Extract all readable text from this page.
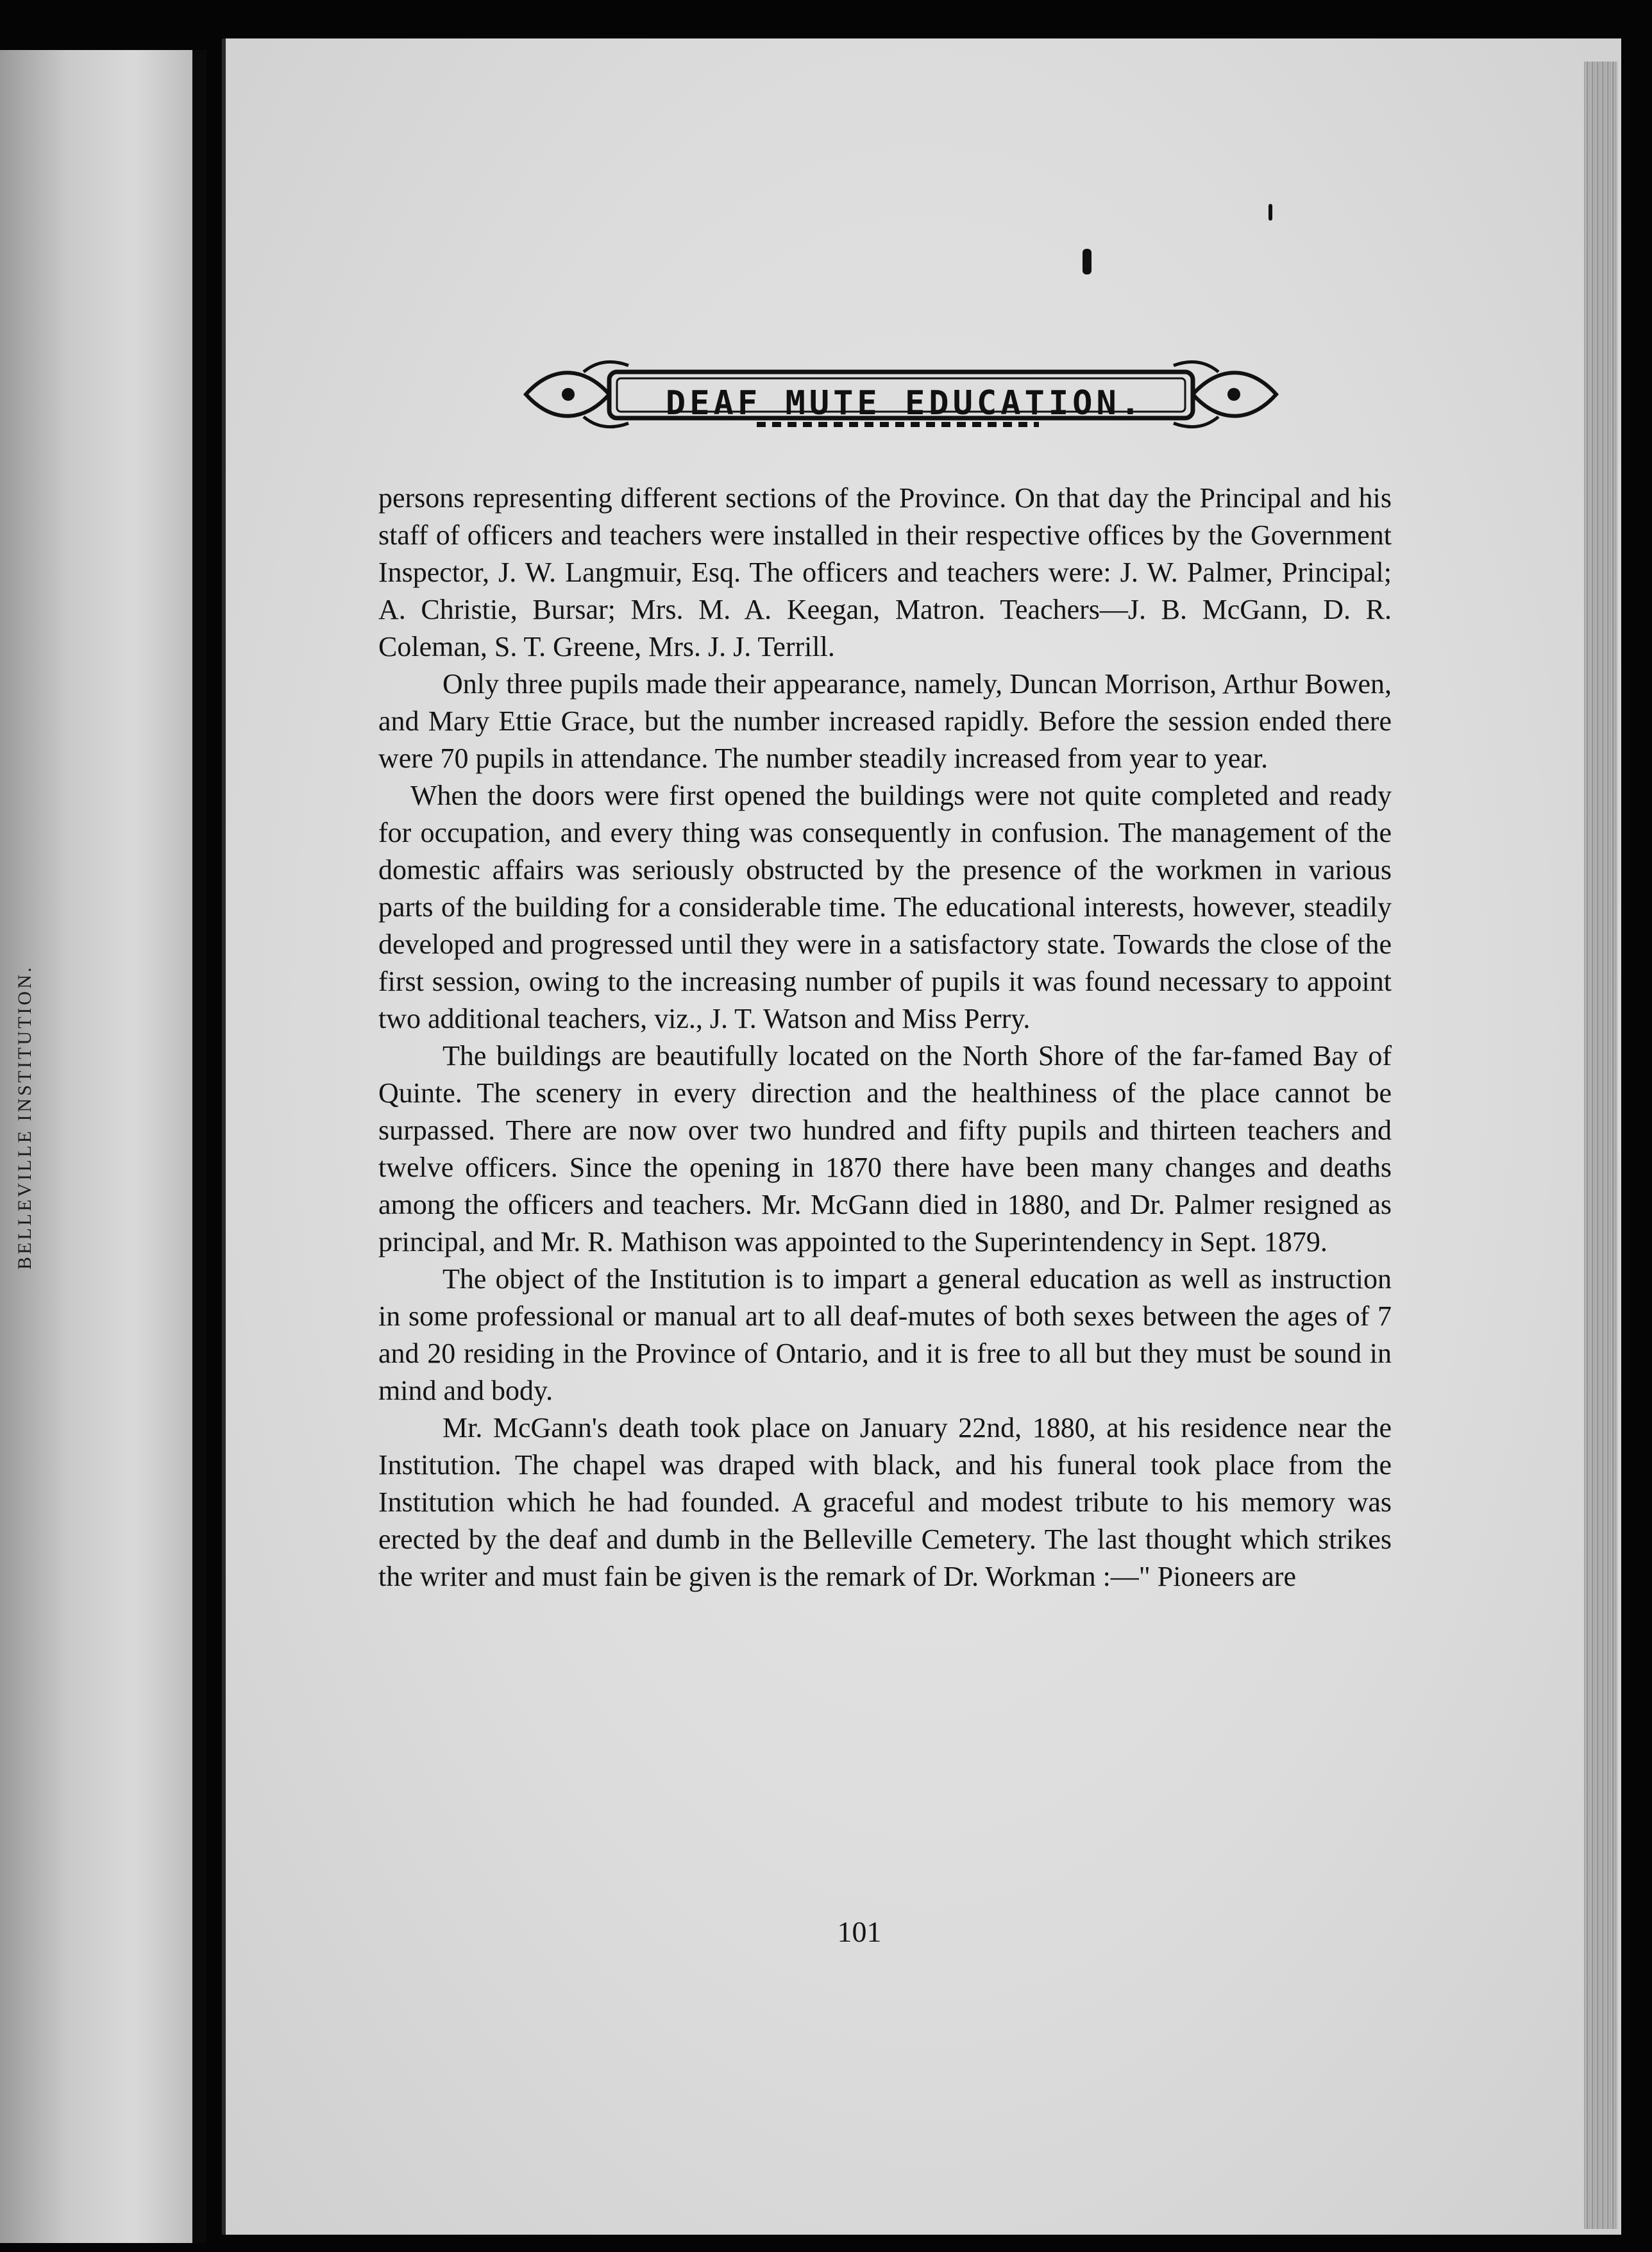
BELLEVILLE INSTITUTION.
DEAF MUTE EDUCATION.

persons representing different sections of the Province. On that day the Principal and his staff of officers and teachers were installed in their respective offices by the Government Inspector, J. W. Langmuir, Esq. The officers and teachers were: J. W. Palmer, Principal; A. Christie, Bursar; Mrs. M. A. Keegan, Matron. Teachers—J. B. McGann, D. R. Coleman, S. T. Greene, Mrs. J. J. Terrill.

Only three pupils made their appearance, namely, Duncan Morrison, Arthur Bowen, and Mary Ettie Grace, but the number increased rapidly. Before the session ended there were 70 pupils in attendance. The number steadily increased from year to year.

When the doors were first opened the buildings were not quite completed and ready for occupation, and every thing was consequently in confusion. The management of the domestic affairs was seriously obstructed by the presence of the workmen in various parts of the building for a considerable time. The educational interests, however, steadily developed and progressed until they were in a satisfactory state. Towards the close of the first session, owing to the increasing number of pupils it was found necessary to appoint two additional teachers, viz., J. T. Watson and Miss Perry.

The buildings are beautifully located on the North Shore of the far-famed Bay of Quinte. The scenery in every direction and the healthiness of the place cannot be surpassed. There are now over two hundred and fifty pupils and thirteen teachers and twelve officers. Since the opening in 1870 there have been many changes and deaths among the officers and teachers. Mr. McGann died in 1880, and Dr. Palmer resigned as principal, and Mr. R. Mathison was appointed to the Superintendency in Sept. 1879.

The object of the Institution is to impart a general education as well as instruction in some professional or manual art to all deaf-mutes of both sexes between the ages of 7 and 20 residing in the Province of Ontario, and it is free to all but they must be sound in mind and body.

Mr. McGann's death took place on January 22nd, 1880, at his residence near the Institution. The chapel was draped with black, and his funeral took place from the Institution which he had founded. A graceful and modest tribute to his memory was erected by the deaf and dumb in the Belleville Cemetery. The last thought which strikes the writer and must fain be given is the remark of Dr. Workman :—" Pioneers are

101
